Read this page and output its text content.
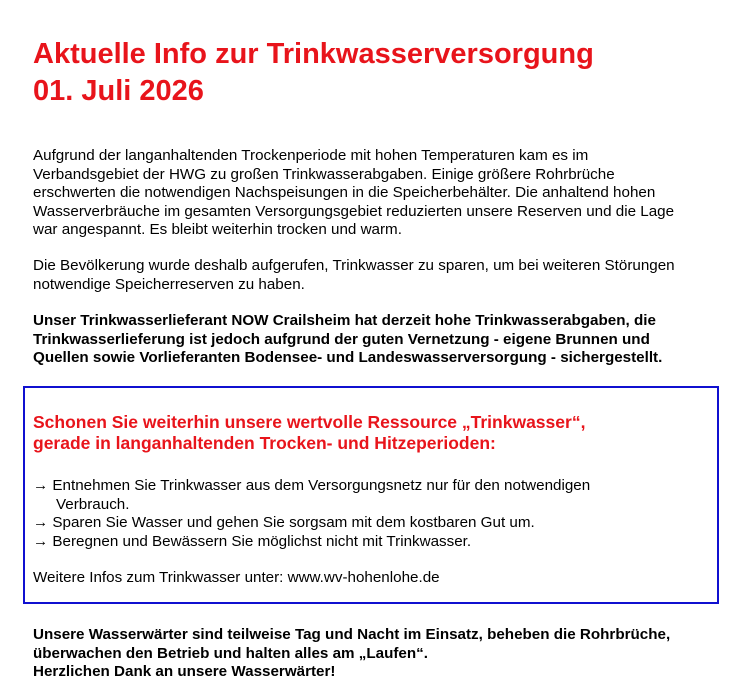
Aktuelle Info zur Trinkwasserversorgung
01. Juli 2026

Aufgrund der langanhaltenden Trockenperiode mit hohen Temperaturen kam es im
Verbandsgebiet der HWG zu großen Trinkwasserabgaben. Einige größere Rohrbrüche
erschwerten die notwendigen Nachspeisungen in die Speicherbehälter. Die anhaltend hohen
Wasserverbräuche im gesamten Versorgungsgebiet reduzierten unsere Reserven und die Lage
war angespannt. Es bleibt weiterhin trocken und warm.

Die Bevölkerung wurde deshalb aufgerufen, Trinkwasser zu sparen, um bei weiteren Störungen
notwendige Speicherreserven zu haben.

Unser Trinkwasserlieferant NOW Crailsheim hat derzeit hohe Trinkwasserabgaben, die
Trinkwasserlieferung ist jedoch aufgrund der guten Vernetzung - eigene Brunnen und
Quellen sowie Vorlieferanten Bodensee- und Landeswasserversorgung - sichergestellt.

Unsere Wasserwärter sind teilweise Tag und Nacht im Einsatz, beheben die Rohrbrüche,
überwachen den Betrieb und halten alles am „Laufen“.
Herzlichen Dank an unsere Wasserwärter!

Schonen Sie weiterhin unsere wertvolle Ressource „Trinkwasser“,
gerade in langanhaltenden Trocken- und Hitzeperioden:
→ Entnehmen Sie Trinkwasser aus dem Versorgungsnetz nur für den notwendigen
Verbrauch.
→ Sparen Sie Wasser und gehen Sie sorgsam mit dem kostbaren Gut um.
→ Beregnen und Bewässern Sie möglichst nicht mit Trinkwasser.

Weitere Infos zum Trinkwasser unter: www.wv-hohenlohe.de
